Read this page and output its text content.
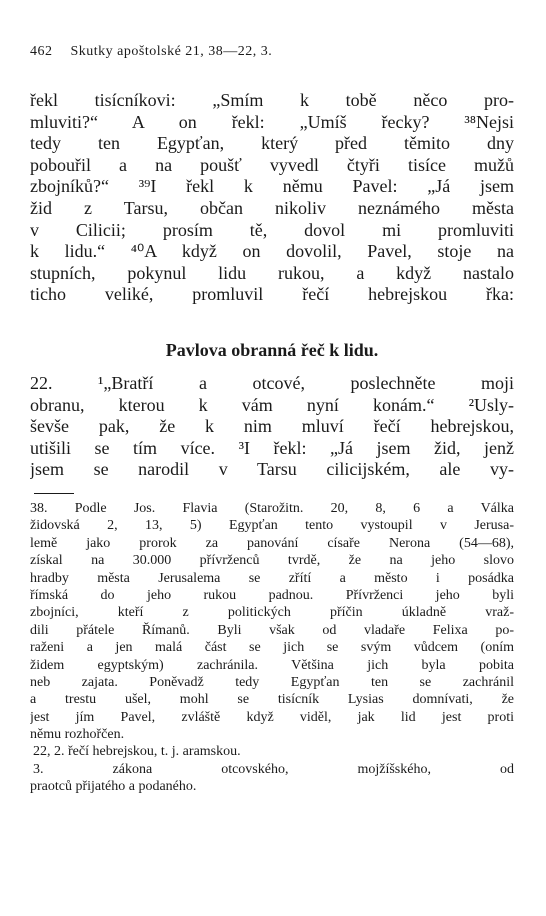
462 Skutky apoštolské 21, 38—22, 3.
řekl tisícníkovi: „Smím k tobě něco pro-
mluviti?“ A on řekl: „Umíš řecky? ³⁸Nejsi
tedy ten Egypťan, který před těmito dny
pobouřil a na poušť vyvedl čtyři tisíce mužů
zbojníků?“ ³⁹I řekl k němu Pavel: „Já jsem
žid z Tarsu, občan nikoliv neznámého města
v Cilicii; prosím tě, dovol mi promluviti
k lidu.“ ⁴⁰A když on dovolil, Pavel, stoje na
stupních, pokynul lidu rukou, a když nastalo
ticho veliké, promluvil řečí hebrejskou řka:
Pavlova obranná řeč k lidu.
22. ¹„Bratří a otcové, poslechněte moji
obranu, kterou k vám nyní konám.“ ²Usly-
ševše pak, že k nim mluví řečí hebrejskou,
utišili se tím více. ³I řekl: „Já jsem žid, jenž
jsem se narodil v Tarsu cilicijském, ale vy-
38. Podle Jos. Flavia (Starožitn. 20, 8, 6 a Válka
židovská 2, 13, 5) Egypťan tento vystoupil v Jerusa-
lemě jako prorok za panování císaře Nerona (54—68),
získal na 30.000 přívrženců tvrdě, že na jeho slovo
hradby města Jerusalema se zřítí a město i posádka
římská do jeho rukou padnou. Přívrženci jeho byli
zbojníci, kteří z politických příčin úkladně vraž-
dili přátele Římanů. Byli však od vladaře Felixa po-
raženi a jen malá část se jich se svým vůdcem (oním
židem egyptským) zachránila. Většina jich byla pobita
neb zajata. Poněvadž tedy Egypťan ten se zachránil
a trestu ušel, mohl se tisícník Lysias domnívati, že
jest jím Pavel, zvláště když viděl, jak lid jest proti
němu rozhořčen.
22, 2. řečí hebrejskou, t. j. aramskou.
3. zákona otcovského, mojžíšského, od
praotců přijatého a podaného.
